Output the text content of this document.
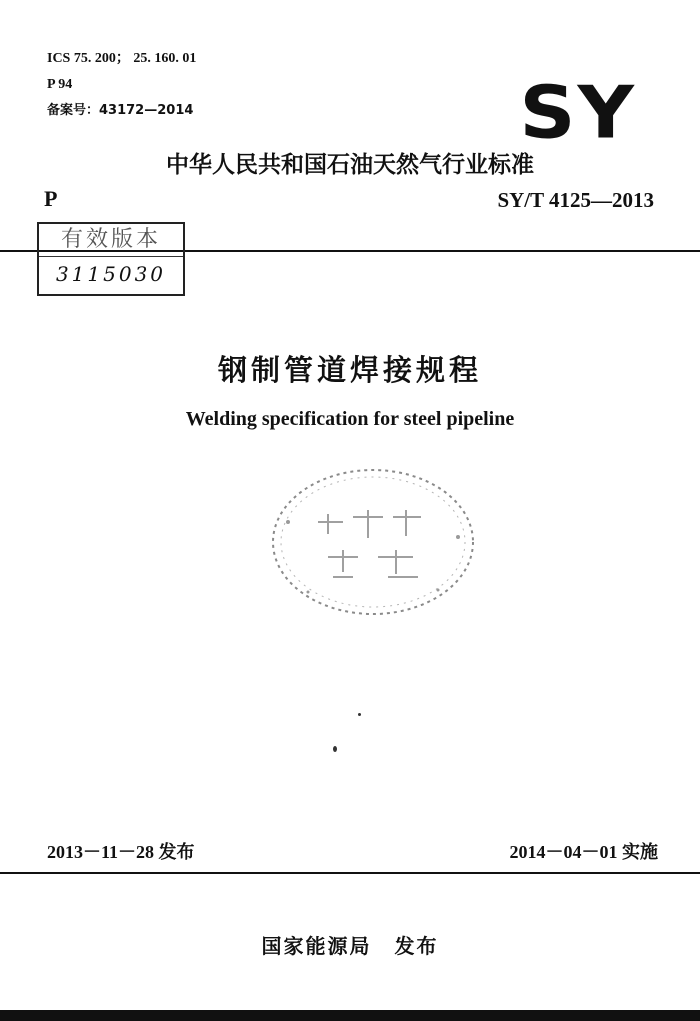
ICS 75. 200； 25. 160. 01
P 94
备案号：43172—2014	SY
中华人民共和国石油天然气行业标准
P	SY/T 4125—2013
有效版本
3115030
钢制管道焊接规程
Welding specification for steel pipeline
2013－11－28 发布	2014－04－01 实施
国家能源局 发布
